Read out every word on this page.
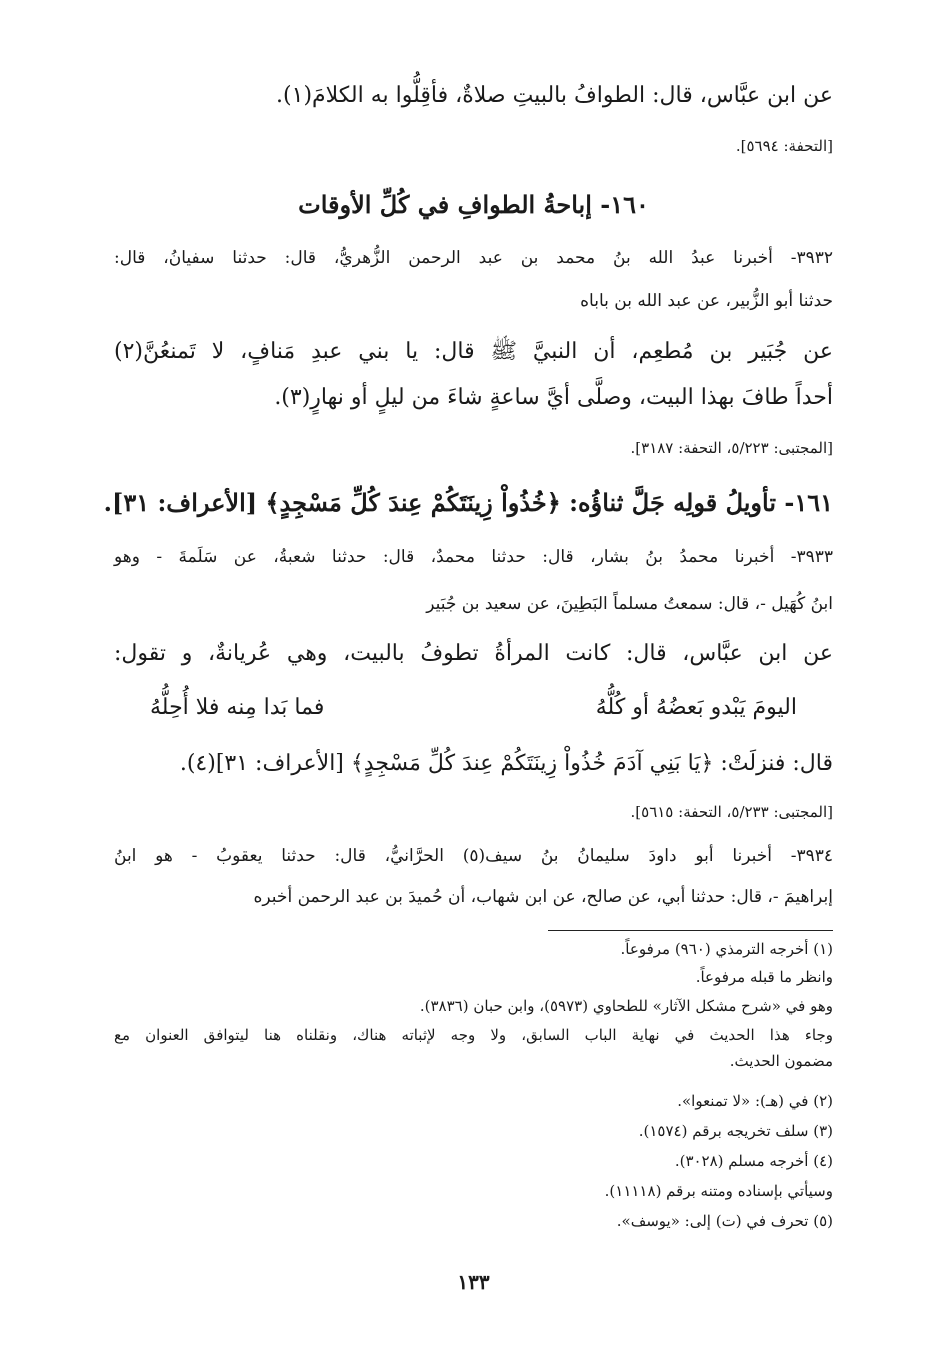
عن ابن عبَّاس، قال: الطوافُ بالبيتِ صلاةٌ، فأقِلُّوا به الكلامَ(١).
[التحفة: ٥٦٩٤].
١٦٠- إباحةُ الطوافِ في كُلِّ الأوقات
٣٩٣٢- أخبرنا عبدُ الله بنُ محمد بن عبد الرحمن الزُّهريُّ، قال: حدثنا سفيانُ، قال:
حدثنا أبو الزُّبير، عن عبد الله بن باباه
عن جُبَير بن مُطعِم، أن النبيَّ ﷺ قال: يا بني عبدِ مَنافٍ، لا تَمنعُنَّ(٢)
أحداً طافَ بهذا البيت، وصلَّى أيَّ ساعةٍ شاءَ من ليلٍ أو نهارٍ(٣).
[المجتبى: ٥/٢٢٣، التحفة: ٣١٨٧].
١٦١- تأويلُ قولِه جَلَّ ثناؤُه: ﴿خُذُواْ زِينَتَكُمْ عِندَ كُلِّ مَسْجِدٍ﴾ [الأعراف: ٣١].
٣٩٣٣- أخبرنا محمدُ بنُ بشار، قال: حدثنا محمدٌ، قال: حدثنا شعبةُ، عن سَلَمةَ - وهو
ابنُ كُهَيل -، قال: سمعتُ مسلماً البَطِينَ، عن سعيد بن جُبَير
عن ابن عبَّاس، قال: كانت المرأةُ تطوفُ بالبيت، وهي عُريانةٌ، و تقول:
اليومَ يَبْدو بَعضُهُ أو كُلُّهُ
فما بَدا مِنه فلا أُحِلُّهُ
قال: فنزلَتْ: ﴿يَا بَنِي آدَمَ خُذُواْ زِينَتَكُمْ عِندَ كُلِّ مَسْجِدٍ﴾ [الأعراف: ٣١](٤).
[المجتبى: ٥/٢٣٣، التحفة: ٥٦١٥].
٣٩٣٤- أخبرنا أبو داودَ سليمانُ بنُ سيف(٥) الحرَّانيُّ، قال: حدثنا يعقوبُ - هو ابنُ
إبراهيمَ -، قال: حدثنا أبي، عن صالح، عن ابن شهاب، أن حُميدَ بن عبد الرحمن أخبره
(١) أخرجه الترمذي (٩٦٠) مرفوعاً.
وانظر ما قبله مرفوعاً.
وهو في «شرح مشكل الآثار» للطحاوي (٥٩٧٣)، وابن حبان (٣٨٣٦).
وجاء هذا الحديث في نهاية الباب السابق، ولا وجه لإثباته هناك، ونقلناه هنا ليتوافق العنوان مع
مضمون الحديث.
(٢) في (هـ): «لا تمنعوا».
(٣) سلف تخريجه برقم (١٥٧٤).
(٤) أخرجه مسلم (٣٠٢٨).
وسيأتي بإسناده ومتنه برقم (١١١١٨).
(٥) تحرف في (ت) إلى: «يوسف».
١٣٣
